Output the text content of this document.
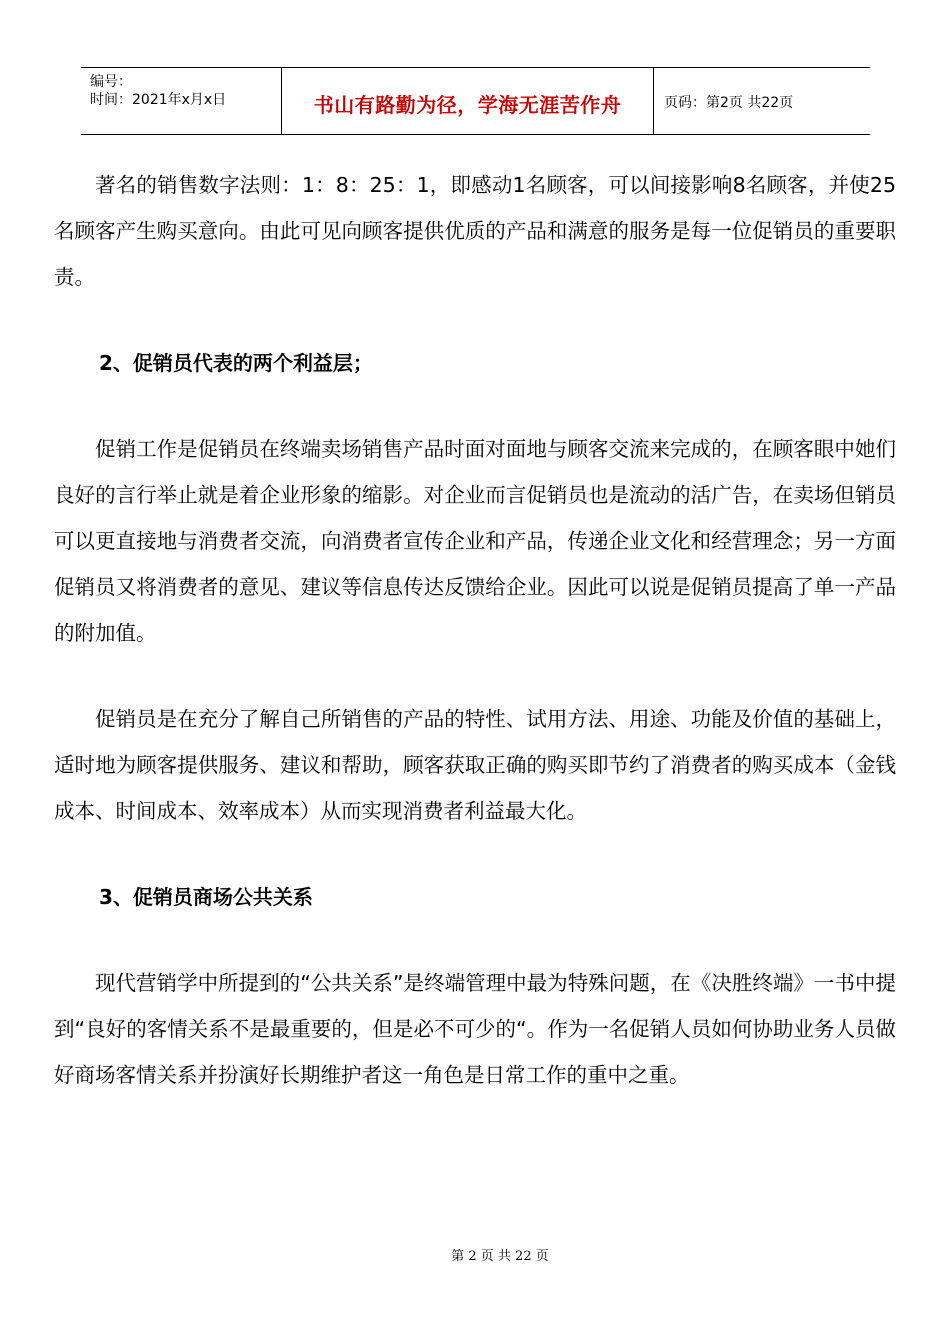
编号：
时间：2021年x月x日	书山有路勤为径，学海无涯苦作舟	页码：第2页 共22页

著名的销售数字法则：1：8：25：1，即感动1名顾客，可以间接影响8名顾客，并使25名顾客产生购买意向。由此可见向顾客提供优质的产品和满意的服务是每一位促销员的重要职责。

2、促销员代表的两个利益层；

促销工作是促销员在终端卖场销售产品时面对面地与顾客交流来完成的，在顾客眼中她们良好的言行举止就是着企业形象的缩影。对企业而言促销员也是流动的活广告，在卖场但销员可以更直接地与消费者交流，向消费者宣传企业和产品，传递企业文化和经营理念；另一方面促销员又将消费者的意见、建议等信息传达反馈给企业。因此可以说是促销员提高了单一产品的附加值。

促销员是在充分了解自己所销售的产品的特性、试用方法、用途、功能及价值的基础上，适时地为顾客提供服务、建议和帮助，顾客获取正确的购买即节约了消费者的购买成本（金钱成本、时间成本、效率成本）从而实现消费者利益最大化。

3、促销员商场公共关系

现代营销学中所提到的“公共关系”是终端管理中最为特殊问题，在《决胜终端》一书中提到“良好的客情关系不是最重要的，但是必不可少的“。作为一名促销人员如何协助业务人员做好商场客情关系并扮演好长期维护者这一角色是日常工作的重中之重。

第 2 页 共 22 页
